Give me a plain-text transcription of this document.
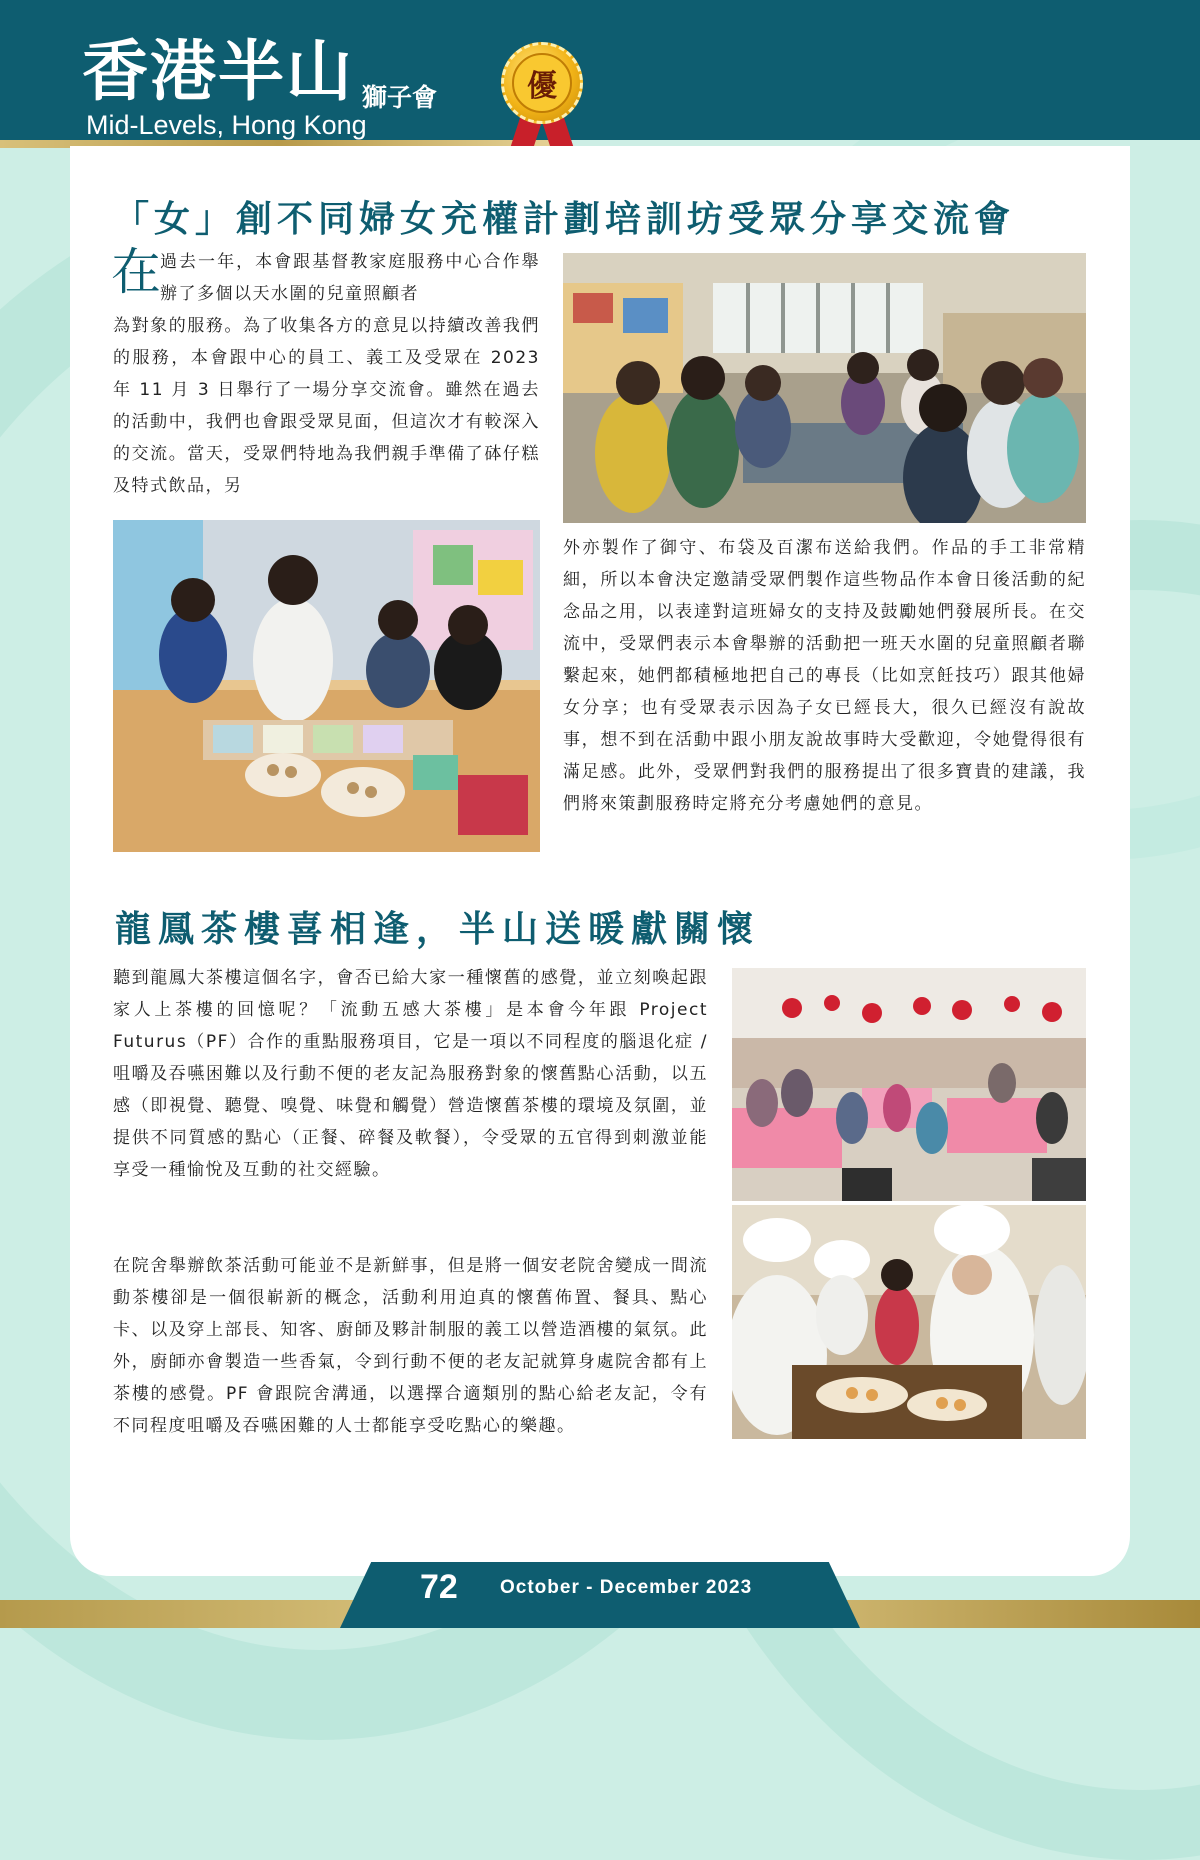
香港半山 獅子會
Mid-Levels, Hong Kong
優
「女」創不同婦女充權計劃培訓坊受眾分享交流會
在 過去一年，本會跟基督教家庭服務中心合作舉辦了多個以天水圍的兒童照顧者

為對象的服務。為了收集各方的意見以持續改善我們的服務，本會跟中心的員工、義工及受眾在 2023 年 11 月 3 日舉行了一場分享交流會。雖然在過去的活動中，我們也會跟受眾見面，但這次才有較深入的交流。當天，受眾們特地為我們親手準備了砵仔糕及特式飲品，另

外亦製作了御守、布袋及百潔布送給我們。作品的手工非常精細，所以本會決定邀請受眾們製作這些物品作本會日後活動的紀念品之用，以表達對這班婦女的支持及鼓勵她們發展所長。在交流中，受眾們表示本會舉辦的活動把一班天水圍的兒童照顧者聯繫起來，她們都積極地把自己的專長（比如烹飪技巧）跟其他婦女分享；也有受眾表示因為子女已經長大，很久已經沒有說故事，想不到在活動中跟小朋友說故事時大受歡迎，令她覺得很有滿足感。此外，受眾們對我們的服務提出了很多寶貴的建議，我們將來策劃服務時定將充分考慮她們的意見。

龍鳳茶樓喜相逢，半山送暖獻關懷

聽到龍鳳大茶樓這個名字，會否已給大家一種懷舊的感覺，並立刻喚起跟家人上茶樓的回憶呢？「流動五感大茶樓」是本會今年跟 Project Futurus（PF）合作的重點服務項目，它是一項以不同程度的腦退化症 / 咀嚼及吞嚥困難以及行動不便的老友記為服務對象的懷舊點心活動，以五感（即視覺、聽覺、嗅覺、味覺和觸覺）營造懷舊茶樓的環境及氛圍，並提供不同質感的點心（正餐、碎餐及軟餐），令受眾的五官得到刺激並能享受一種愉悅及互動的社交經驗。

在院舍舉辦飲茶活動可能並不是新鮮事，但是將一個安老院舍變成一間流動茶樓卻是一個很嶄新的概念，活動利用迫真的懷舊佈置、餐具、點心卡、以及穿上部長、知客、廚師及夥計制服的義工以營造酒樓的氣氛。此外，廚師亦會製造一些香氣，令到行動不便的老友記就算身處院舍都有上茶樓的感覺。PF 會跟院舍溝通，以選擇合適類別的點心給老友記，令有不同程度咀嚼及吞嚥困難的人士都能享受吃點心的樂趣。

72 October - December 2023
